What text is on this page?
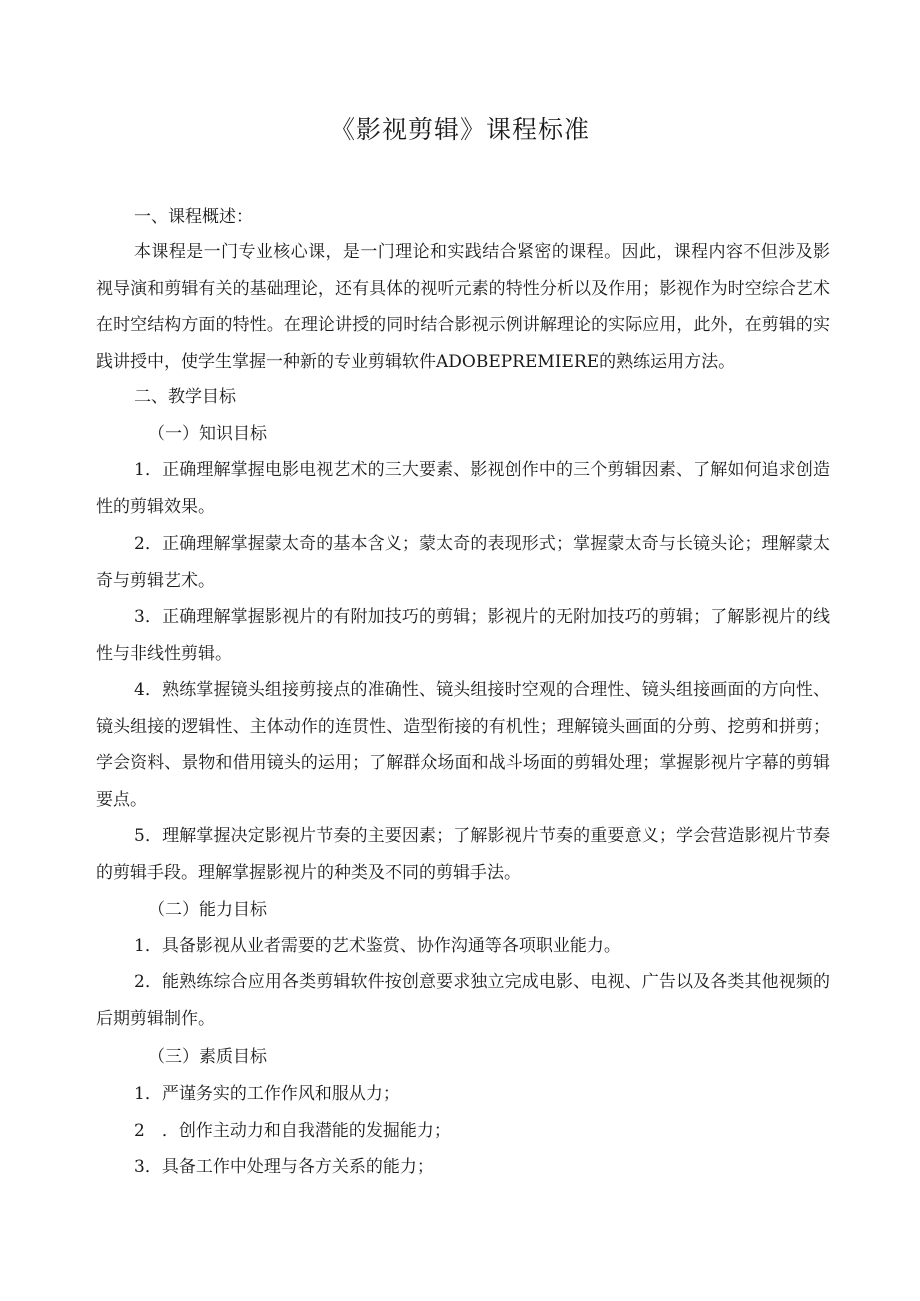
《影视剪辑》课程标准
一、课程概述：
本课程是一门专业核心课，是一门理论和实践结合紧密的课程。因此，课程内容不但涉及影视导演和剪辑有关的基础理论，还有具体的视听元素的特性分析以及作用；影视作为时空综合艺术在时空结构方面的特性。在理论讲授的同时结合影视示例讲解理论的实际应用，此外，在剪辑的实践讲授中，使学生掌握一种新的专业剪辑软件ADOBEPREMIERE的熟练运用方法。
二、教学目标
（一）知识目标
1．正确理解掌握电影电视艺术的三大要素、影视创作中的三个剪辑因素、了解如何追求创造性的剪辑效果。
2．正确理解掌握蒙太奇的基本含义；蒙太奇的表现形式；掌握蒙太奇与长镜头论；理解蒙太奇与剪辑艺术。
3．正确理解掌握影视片的有附加技巧的剪辑；影视片的无附加技巧的剪辑；了解影视片的线性与非线性剪辑。
4．熟练掌握镜头组接剪接点的准确性、镜头组接时空观的合理性、镜头组接画面的方向性、镜头组接的逻辑性、主体动作的连贯性、造型衔接的有机性；理解镜头画面的分剪、挖剪和拼剪；学会资料、景物和借用镜头的运用；了解群众场面和战斗场面的剪辑处理；掌握影视片字幕的剪辑要点。
5．理解掌握决定影视片节奏的主要因素；了解影视片节奏的重要意义；学会营造影视片节奏的剪辑手段。理解掌握影视片的种类及不同的剪辑手法。
（二）能力目标
1．具备影视从业者需要的艺术鉴赏、协作沟通等各项职业能力。
2．能熟练综合应用各类剪辑软件按创意要求独立完成电影、电视、广告以及各类其他视频的后期剪辑制作。
（三）素质目标
1．严谨务实的工作作风和服从力；
2　．创作主动力和自我潜能的发掘能力；
3．具备工作中处理与各方关系的能力；
